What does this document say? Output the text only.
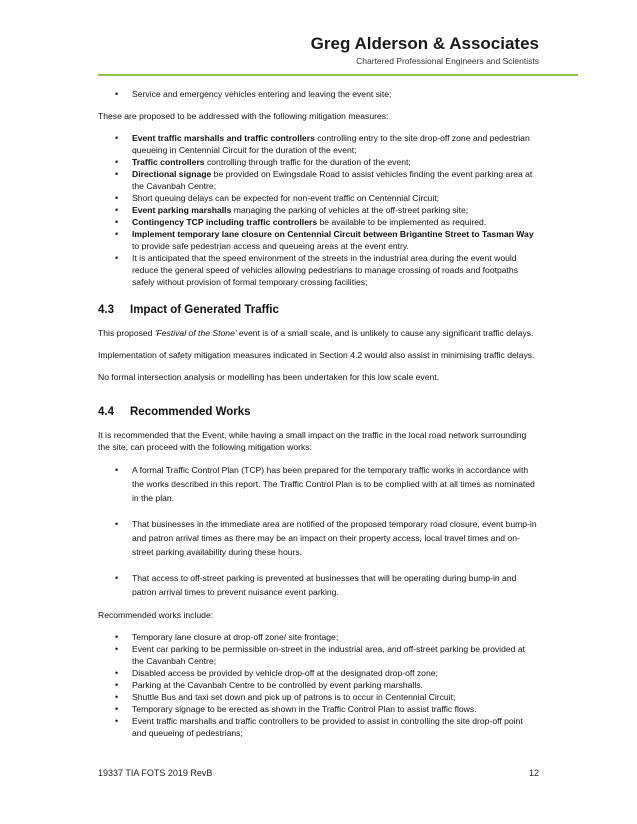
Greg Alderson & Associates
Chartered Professional Engineers and Scientists
• Service and emergency vehicles entering and leaving the event site;

These are proposed to be addressed with the following mitigation measures:

• Event traffic marshalls and traffic controllers controlling entry to the site drop-off zone and pedestrian queueing in Centennial Circuit for the duration of the event;
• Traffic controllers controlling through traffic for the duration of the event;
• Directional signage be provided on Ewingsdale Road to assist vehicles finding the event parking area at the Cavanbah Centre;
• Short queuing delays can be expected for non-event traffic on Centennial Circuit;
• Event parking marshalls managing the parking of vehicles at the off-street parking site;
• Contingency TCP including traffic controllers be available to be implemented as required.
• Implement temporary lane closure on Centennial Circuit between Brigantine Street to Tasman Way to provide safe pedestrian access and queueing areas at the event entry.
• It is anticipated that the speed environment of the streets in the industrial area during the event would reduce the general speed of vehicles allowing pedestrians to manage crossing of roads and footpaths safely without provision of formal temporary crossing facilities;
4.3	Impact of Generated Traffic

This proposed 'Festival of the Stone' event is of a small scale, and is unlikely to cause any significant traffic delays.

Implementation of safety mitigation measures indicated in Section 4.2 would also assist in minimising traffic delays.

No formal intersection analysis or modelling has been undertaken for this low scale event.

4.4	Recommended Works

It is recommended that the Event, while having a small impact on the traffic in the local road network surrounding the site, can proceed with the following mitigation works:

• A formal Traffic Control Plan (TCP) has been prepared for the temporary traffic works in accordance with the works described in this report. The Traffic Control Plan is to be complied with at all times as nominated in the plan.
• That businesses in the immediate area are notified of the proposed temporary road closure, event bump-in and patron arrival times as there may be an impact on their property access, local travel times and on-street parking availability during these hours.
• That access to off-street parking is prevented at businesses that will be operating during bump-in and patron arrival times to prevent nuisance event parking.

Recommended works include:

• Temporary lane closure at drop-off zone/ site frontage;
• Event car parking to be permissible on-street in the industrial area, and off-street parking be provided at the Cavanbah Centre;
• Disabled access be provided by vehicle drop-off at the designated drop-off zone;
• Parking at the Cavanbah Centre to be controlled by event parking marshalls.
• Shuttle Bus and taxi set down and pick up of patrons is to occur in Centennial Circuit;
• Temporary signage to be erected as shown in the Traffic Control Plan to assist traffic flows.
• Event traffic marshalls and traffic controllers to be provided to assist in controlling the site drop-off point and queueing of pedestrians;
19337 TIA FOTS 2019 RevB	12
